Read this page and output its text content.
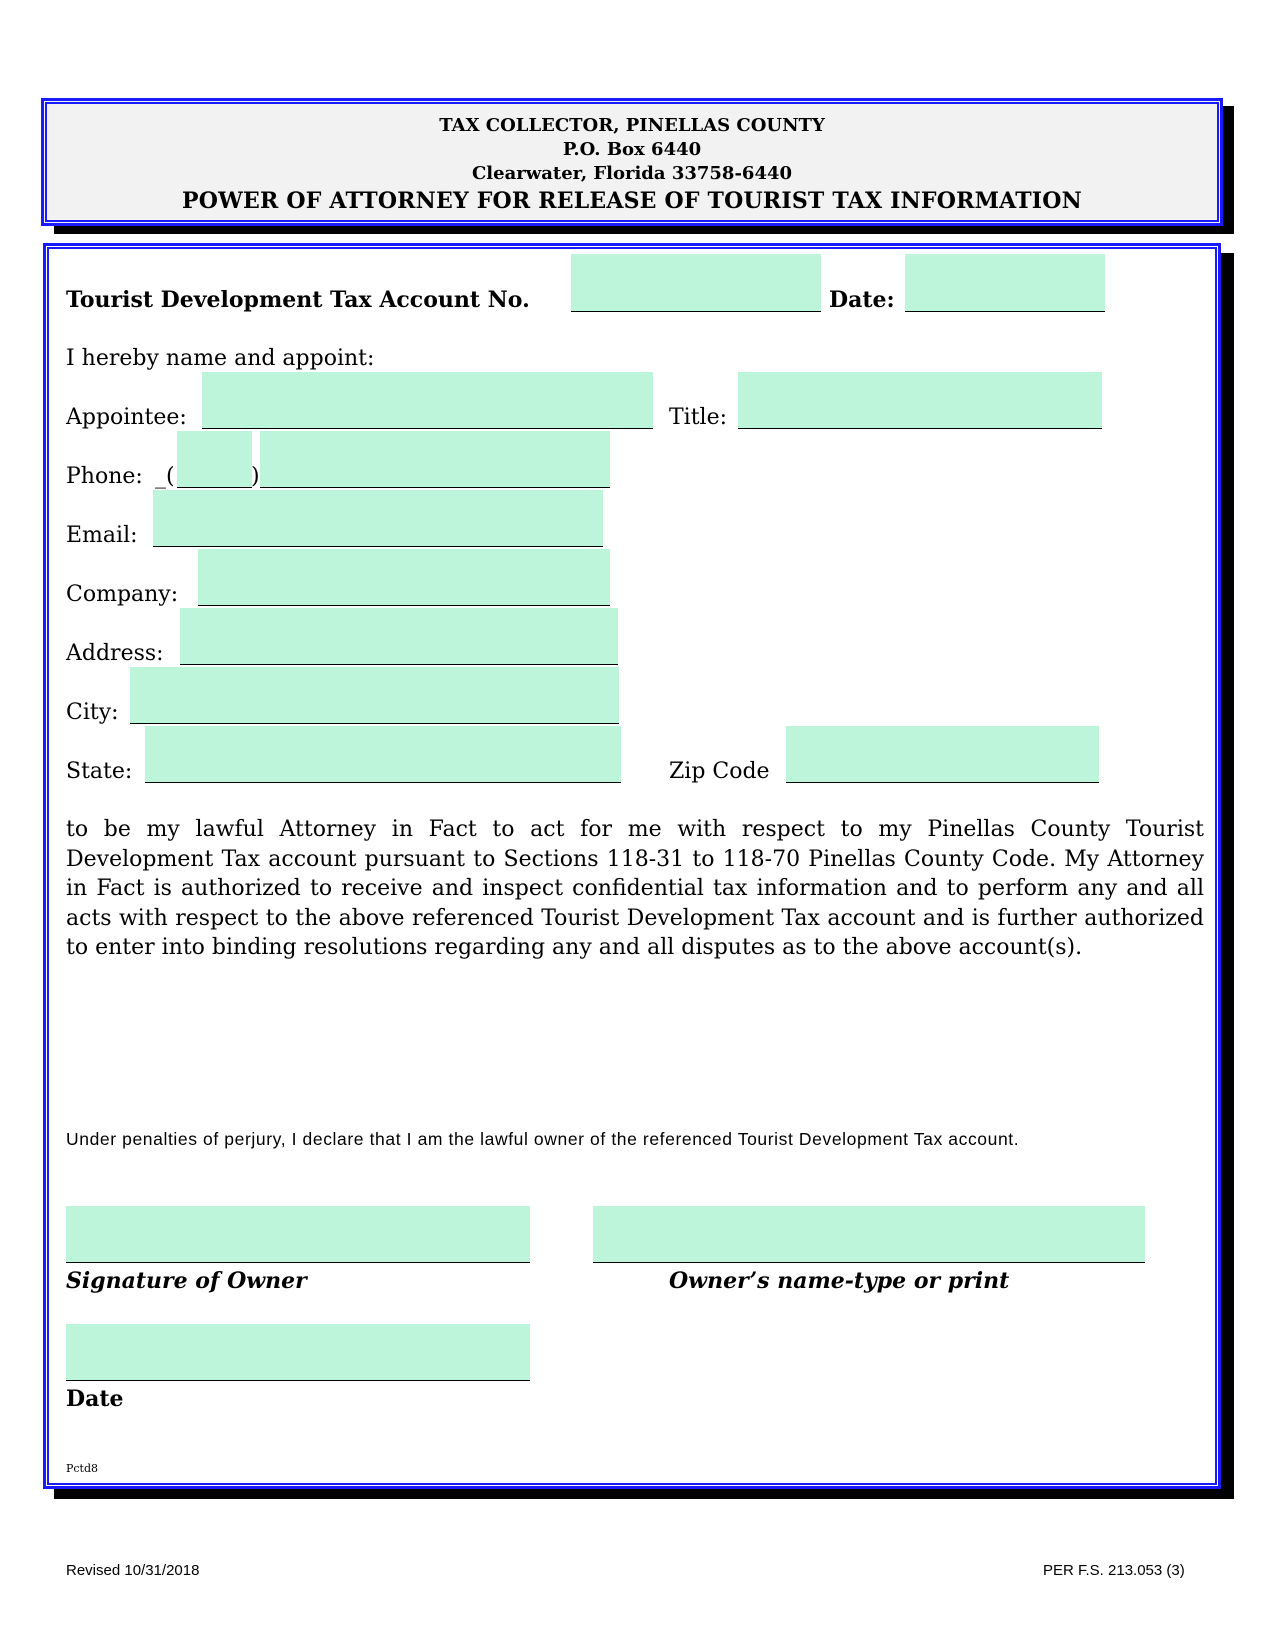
TAX COLLECTOR, PINELLAS COUNTY
P.O. Box 6440
Clearwater, Florida 33758-6440
POWER OF ATTORNEY FOR RELEASE OF TOURIST TAX INFORMATION
Tourist Development Tax Account No.	Date:
I hereby name and appoint:
Appointee:	Title:
Phone: _(	)
Email:
Company:
Address:
City:
State:	Zip Code
to be my lawful Attorney in Fact to act for me with respect to my Pinellas County Tourist Development Tax account pursuant to Sections 118-31 to 118-70 Pinellas County Code. My Attorney in Fact is authorized to receive and inspect confidential tax information and to perform any and all acts with respect to the above referenced Tourist Development Tax account and is further authorized to enter into binding resolutions regarding any and all disputes as to the above account(s).
Under penalties of perjury, I declare that I am the lawful owner of the referenced Tourist Development Tax account.
Signature of Owner	Owner’s name-type or print
Date
Pctd8
Revised 10/31/2018	PER F.S. 213.053 (3)
